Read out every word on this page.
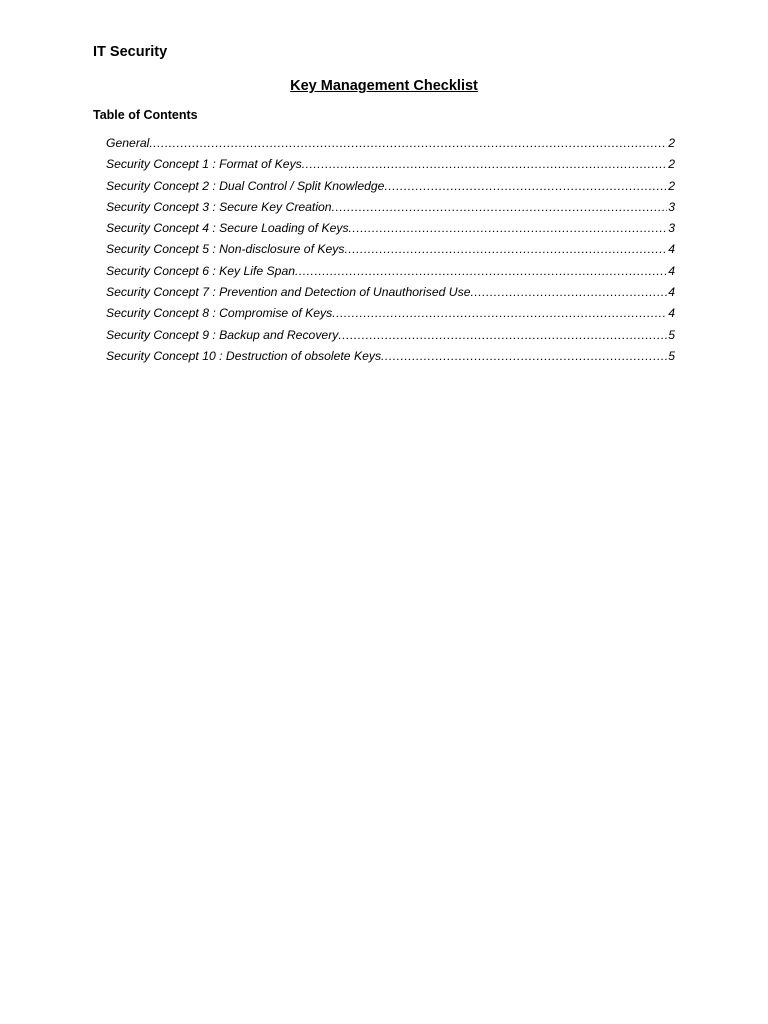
IT Security
Key Management Checklist
Table of Contents
General .....	2
Security Concept 1 : Format of Keys .....	2
Security Concept 2 : Dual Control / Split Knowledge .....	2
Security Concept 3 : Secure Key Creation .....	3
Security Concept 4 : Secure Loading of Keys .....	3
Security Concept 5 : Non-disclosure of Keys .....	4
Security Concept 6 : Key Life Span .....	4
Security Concept 7 : Prevention and Detection of Unauthorised Use .....	4
Security Concept 8 : Compromise of Keys .....	4
Security Concept 9 : Backup and Recovery .....	5
Security Concept 10 : Destruction of obsolete Keys .....	5
